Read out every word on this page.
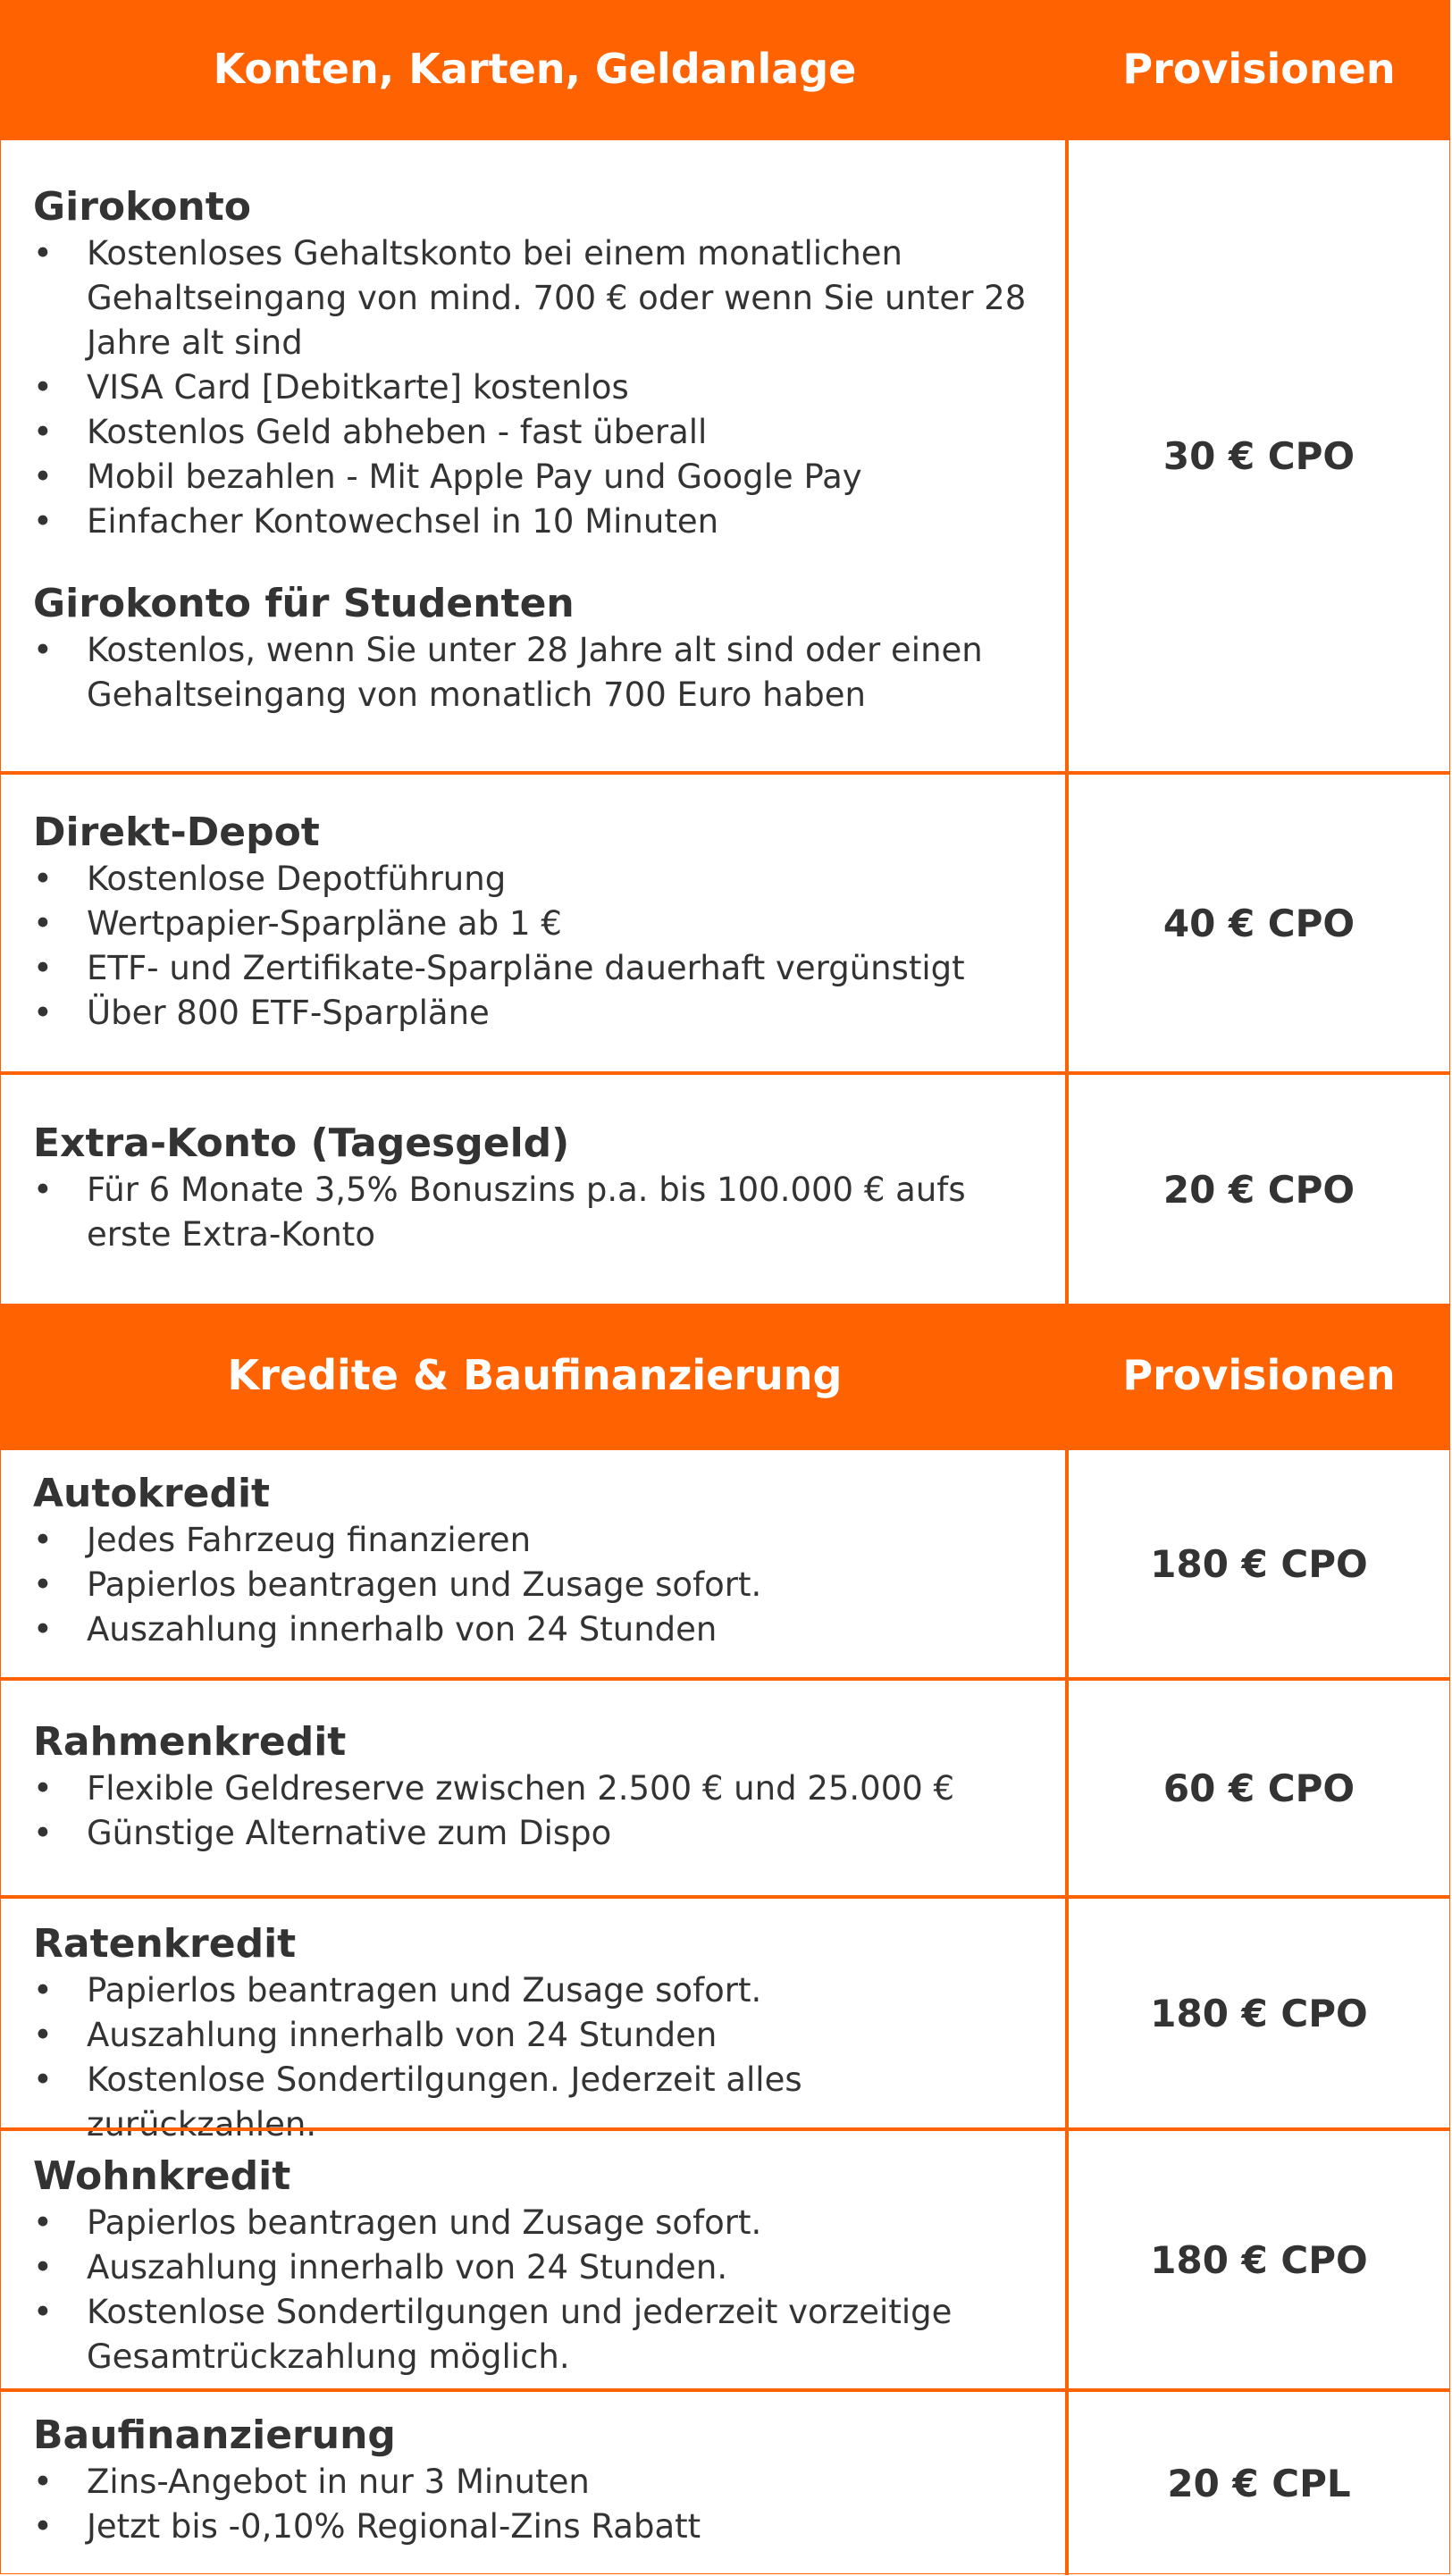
Konten, Karten, Geldanlage	Provisionen

Girokonto

• Kostenloses Gehaltskonto bei einem monatlichen Gehaltseingang von mind. 700 € oder wenn Sie unter 28 Jahre alt sind
• VISA Card [Debitkarte] kostenlos
• Kostenlos Geld abheben - fast überall
• Mobil bezahlen - Mit Apple Pay und Google Pay
• Einfacher Kontowechsel in 10 Minuten

Girokonto für Studenten

• Kostenlos, wenn Sie unter 28 Jahre alt sind oder einen Gehaltseingang von monatlich 700 Euro haben
30 € CPO

Direkt-Depot

• Kostenlose Depotführung
• Wertpapier-Sparpläne ab 1 €
• ETF- und Zertifikate-Sparpläne dauerhaft vergünstigt
• Über 800 ETF-Sparpläne
40 € CPO

Extra-Konto (Tagesgeld)

• Für 6 Monate 3,5% Bonuszins p.a. bis 100.000 € aufs erste Extra-Konto
20 € CPO
Kredite & Baufinanzierung	Provisionen

Autokredit

• Jedes Fahrzeug finanzieren
• Papierlos beantragen und Zusage sofort.
• Auszahlung innerhalb von 24 Stunden
180 € CPO

Rahmenkredit

• Flexible Geldreserve zwischen 2.500 € und 25.000 €
• Günstige Alternative zum Dispo
60 € CPO

Ratenkredit

• Papierlos beantragen und Zusage sofort.
• Auszahlung innerhalb von 24 Stunden
• Kostenlose Sondertilgungen. Jederzeit alles zurückzahlen.
180 € CPO

Wohnkredit

• Papierlos beantragen und Zusage sofort.
• Auszahlung innerhalb von 24 Stunden.
• Kostenlose Sondertilgungen und jederzeit vorzeitige Gesamtrückzahlung möglich.
180 € CPO

Baufinanzierung

• Zins-Angebot in nur 3 Minuten
• Jetzt bis -0,10% Regional-Zins Rabatt
20 € CPL
